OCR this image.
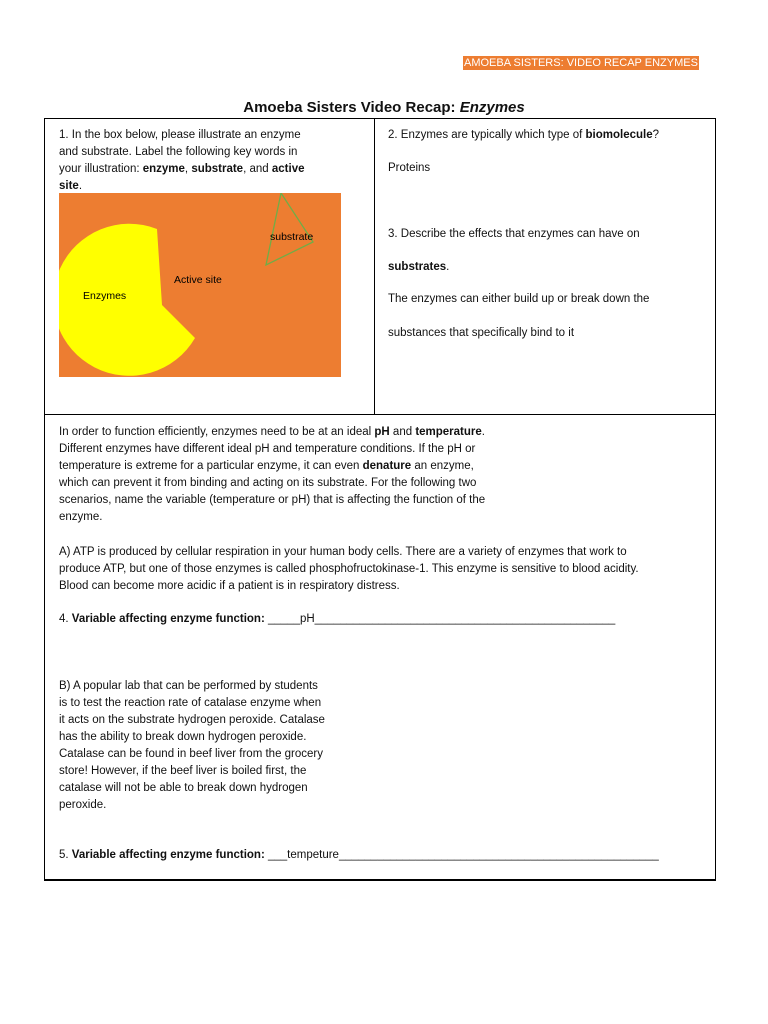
AMOEBA SISTERS: VIDEO RECAP ENZYMES
Amoeba Sisters Video Recap: Enzymes

1. In the box below, please illustrate an enzyme

and substrate. Label the following key words in

your illustration: enzyme, substrate, and active

site.

Enzymes
Active site
substrate

2. Enzymes are typically which type of biomolecule?

Proteins
3. Describe the effects that enzymes can have on
substrates.
The enzymes can either build up or break down the
substances that specifically bind to it

In order to function efficiently, enzymes need to be at an ideal pH and temperature.

Different enzymes have different ideal pH and temperature conditions. If the pH or

temperature is extreme for a particular enzyme, it can even denature an enzyme,

which can prevent it from binding and acting on its substrate. For the following two

scenarios, name the variable (temperature or pH) that is affecting the function of the

enzyme.

A) ATP is produced by cellular respiration in your human body cells. There are a variety of enzymes that work to

produce ATP, but one of those enzymes is called phosphofructokinase-1. This enzyme is sensitive to blood acidity.

Blood can become more acidic if a patient is in respiratory distress.

4. Variable affecting enzyme function: _____pH_______________________________________________

B) A popular lab that can be performed by students

is to test the reaction rate of catalase enzyme when

it acts on the substrate hydrogen peroxide. Catalase

has the ability to break down hydrogen peroxide.

Catalase can be found in beef liver from the grocery

store! However, if the beef liver is boiled first, the

catalase will not be able to break down hydrogen

peroxide.

5. Variable affecting enzyme function: ___tempeture__________________________________________________
